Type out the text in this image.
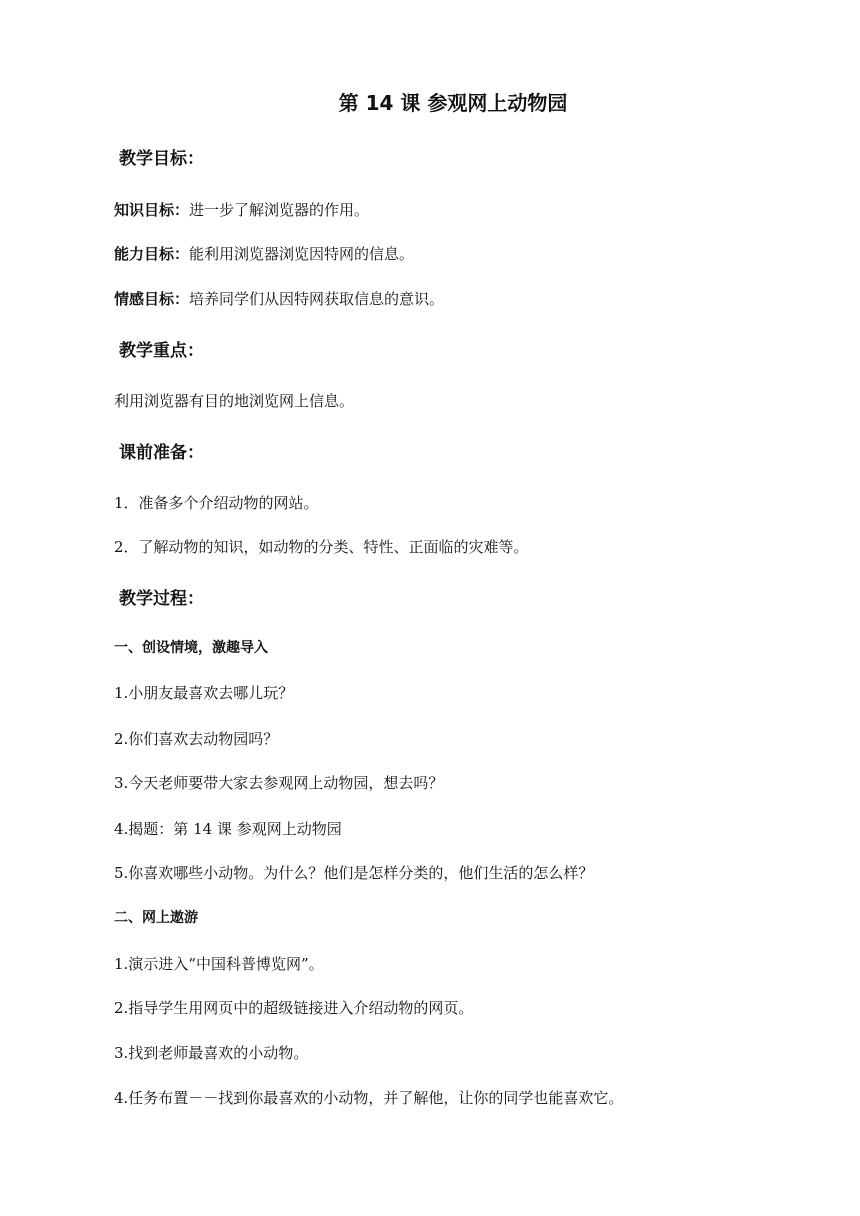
第 14 课 参观网上动物园
教学目标：
知识目标：进一步了解浏览器的作用。
能力目标：能利用浏览器浏览因特网的信息。
情感目标：培养同学们从因特网获取信息的意识。
教学重点：
利用浏览器有目的地浏览网上信息。
课前准备：
1．准备多个介绍动物的网站。
2．了解动物的知识，如动物的分类、特性、正面临的灾难等。
教学过程：
一、创设情境，激趣导入
1.小朋友最喜欢去哪儿玩？
2.你们喜欢去动物园吗？
3.今天老师要带大家去参观网上动物园，想去吗？
4.揭题：第 14 课 参观网上动物园
5.你喜欢哪些小动物。为什么？他们是怎样分类的，他们生活的怎么样？
二、网上遨游
1.演示进入“中国科普博览网”。
2.指导学生用网页中的超级链接进入介绍动物的网页。
3.找到老师最喜欢的小动物。
4.任务布置－－找到你最喜欢的小动物，并了解他，让你的同学也能喜欢它。
